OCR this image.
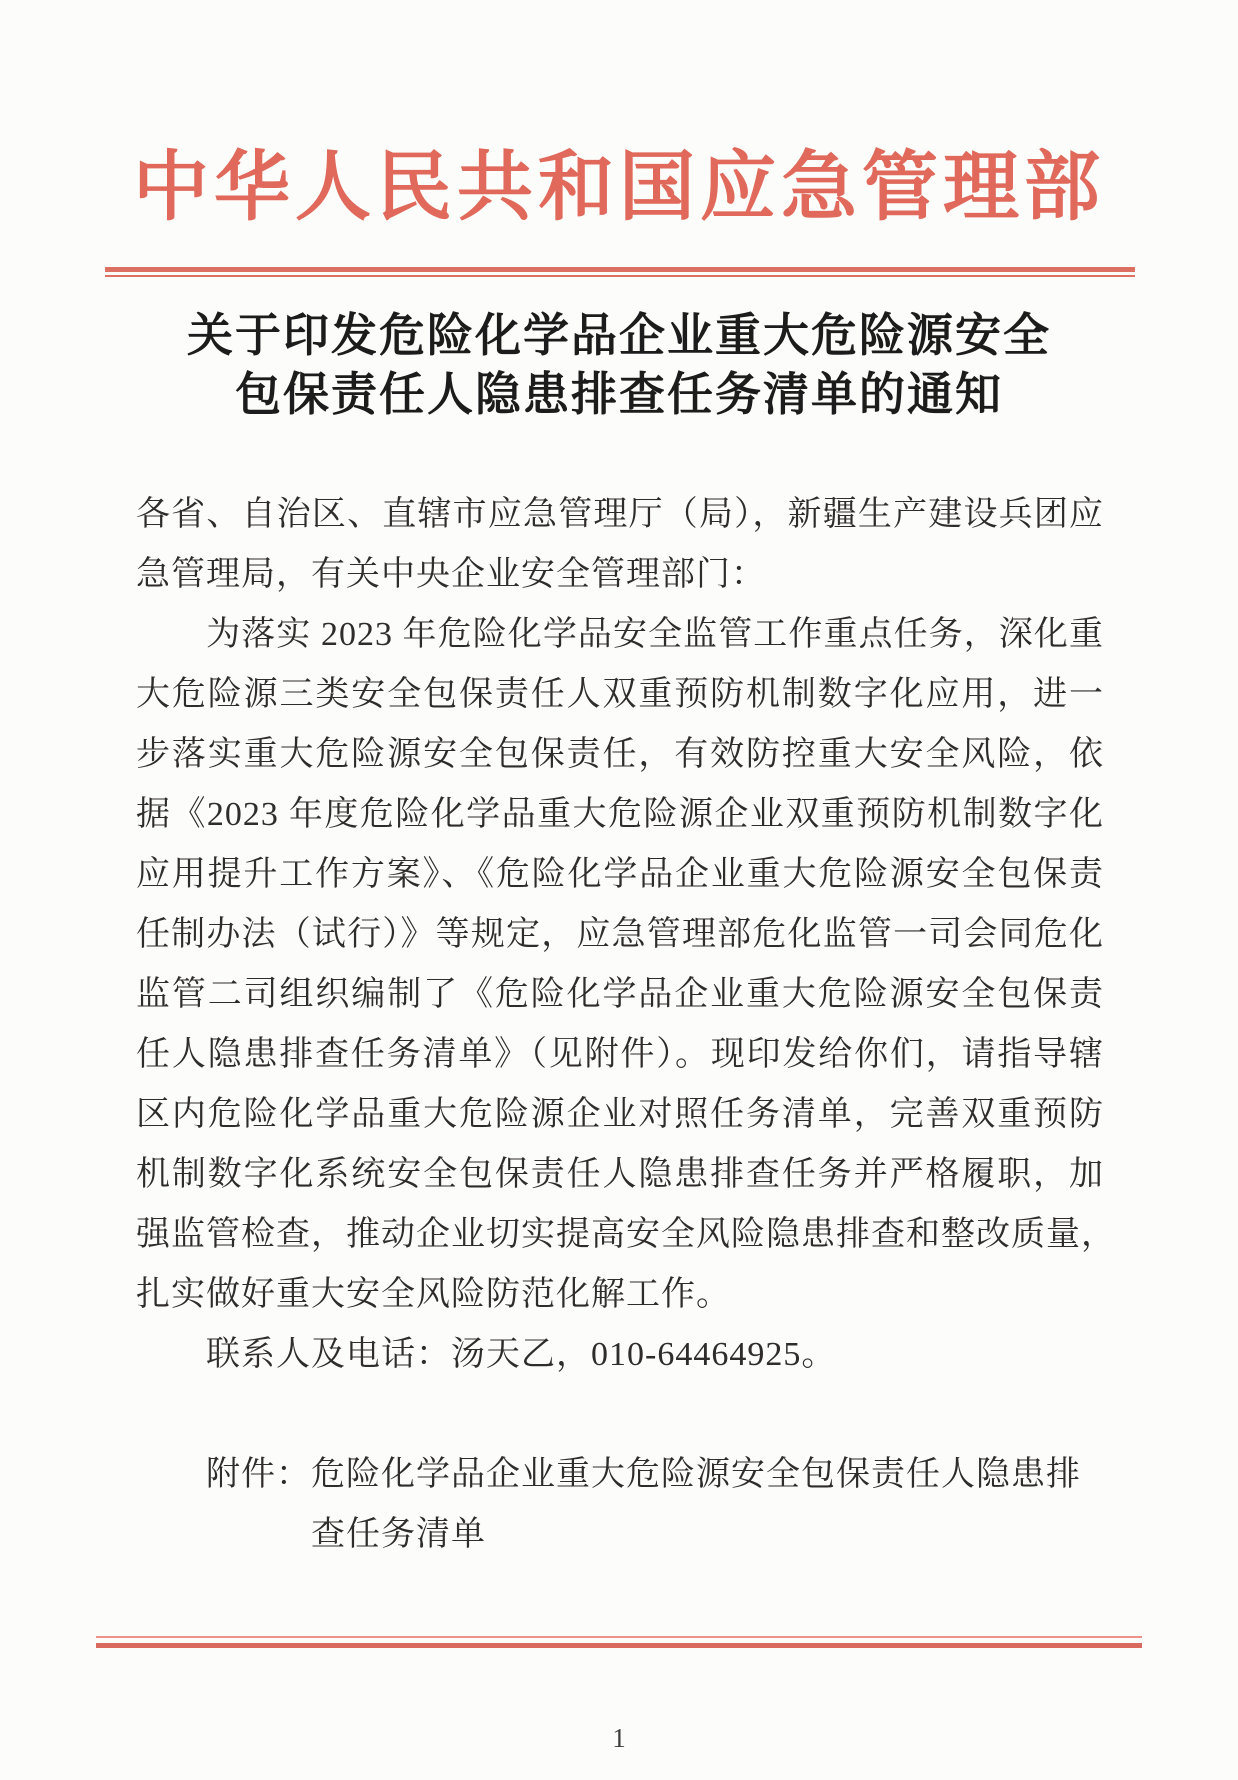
中华人民共和国应急管理部
关于印发危险化学品企业重大危险源安全
包保责任人隐患排查任务清单的通知
各省、自治区、直辖市应急管理厅（局），新疆生产建设兵团应
急管理局，有关中央企业安全管理部门：
　　为落实 2023 年危险化学品安全监管工作重点任务，深化重
大危险源三类安全包保责任人双重预防机制数字化应用，进一
步落实重大危险源安全包保责任，有效防控重大安全风险，依
据《2023 年度危险化学品重大危险源企业双重预防机制数字化
应用提升工作方案》、《危险化学品企业重大危险源安全包保责
任制办法（试行）》等规定，应急管理部危化监管一司会同危化
监管二司组织编制了《危险化学品企业重大危险源安全包保责
任人隐患排查任务清单》（见附件）。现印发给你们，请指导辖
区内危险化学品重大危险源企业对照任务清单，完善双重预防
机制数字化系统安全包保责任人隐患排查任务并严格履职，加
强监管检查，推动企业切实提高安全风险隐患排查和整改质量，
扎实做好重大安全风险防范化解工作。
　　联系人及电话：汤天乙，010-64464925。
　　附件：危险化学品企业重大危险源安全包保责任人隐患排
　　　　　查任务清单
1
